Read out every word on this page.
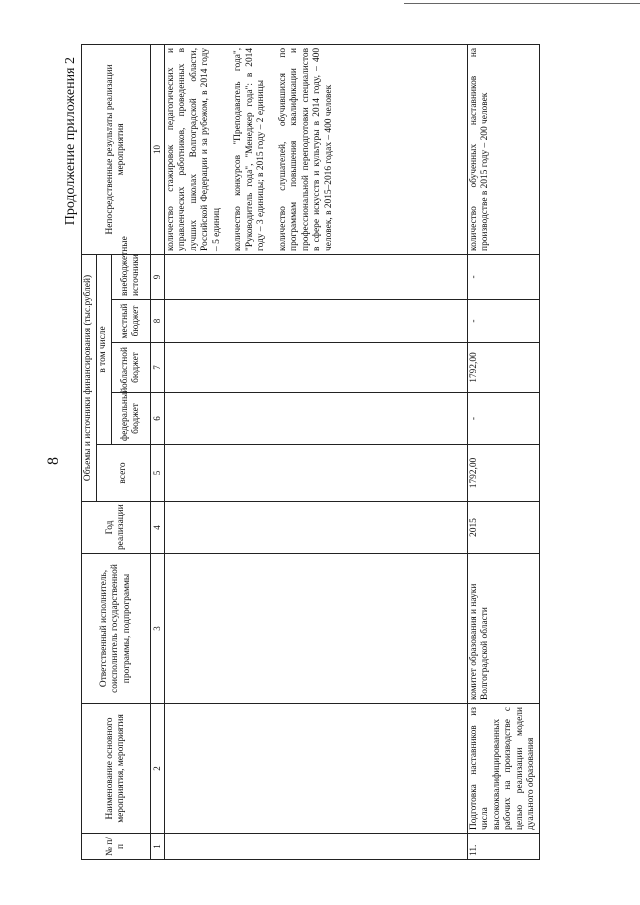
8
Продолжение приложения 2
№ п/п	Наименование основного мероприятия, мероприятия	Ответственный исполнитель, соисполнитель государственной программы, подпрограммы	Год реализации	Объемы и источники финансирования (тыс.рублей)					Непосредственные результаты реализации мероприятия
				всего	в том числе				
					федеральный бюджет	областной бюджет	местный бюджет	внебюджетные источники	
1	2	3	4	5	6	7	8	9	10

									количество стажировок педагогических и управленческих работников, проведенных в лучших школах Волгоградской области, Российской Федерации и за рубежом, в 2014 году – 5 единиц количество конкурсов "Преподаватель года", "Руководитель года", "Менеджер года": в 2014 году – 3 единицы; в 2015 году – 2 единицы количество слушателей, обучившихся по программам повышения квалификации и профессиональной переподготовки специалистов в сфере искусств и культуры в 2014 году, – 400 человек, в 2015–2016 годах – 400 человек

11.	Подготовка наставников из числа высококвалифицированных рабочих на производстве с целью реализации модели дуального образования	комитет образования и науки Волгоградской области	2015	1792,00	-	1792,00	-	-	количество обученных наставников на производстве в 2015 году – 200 человек
